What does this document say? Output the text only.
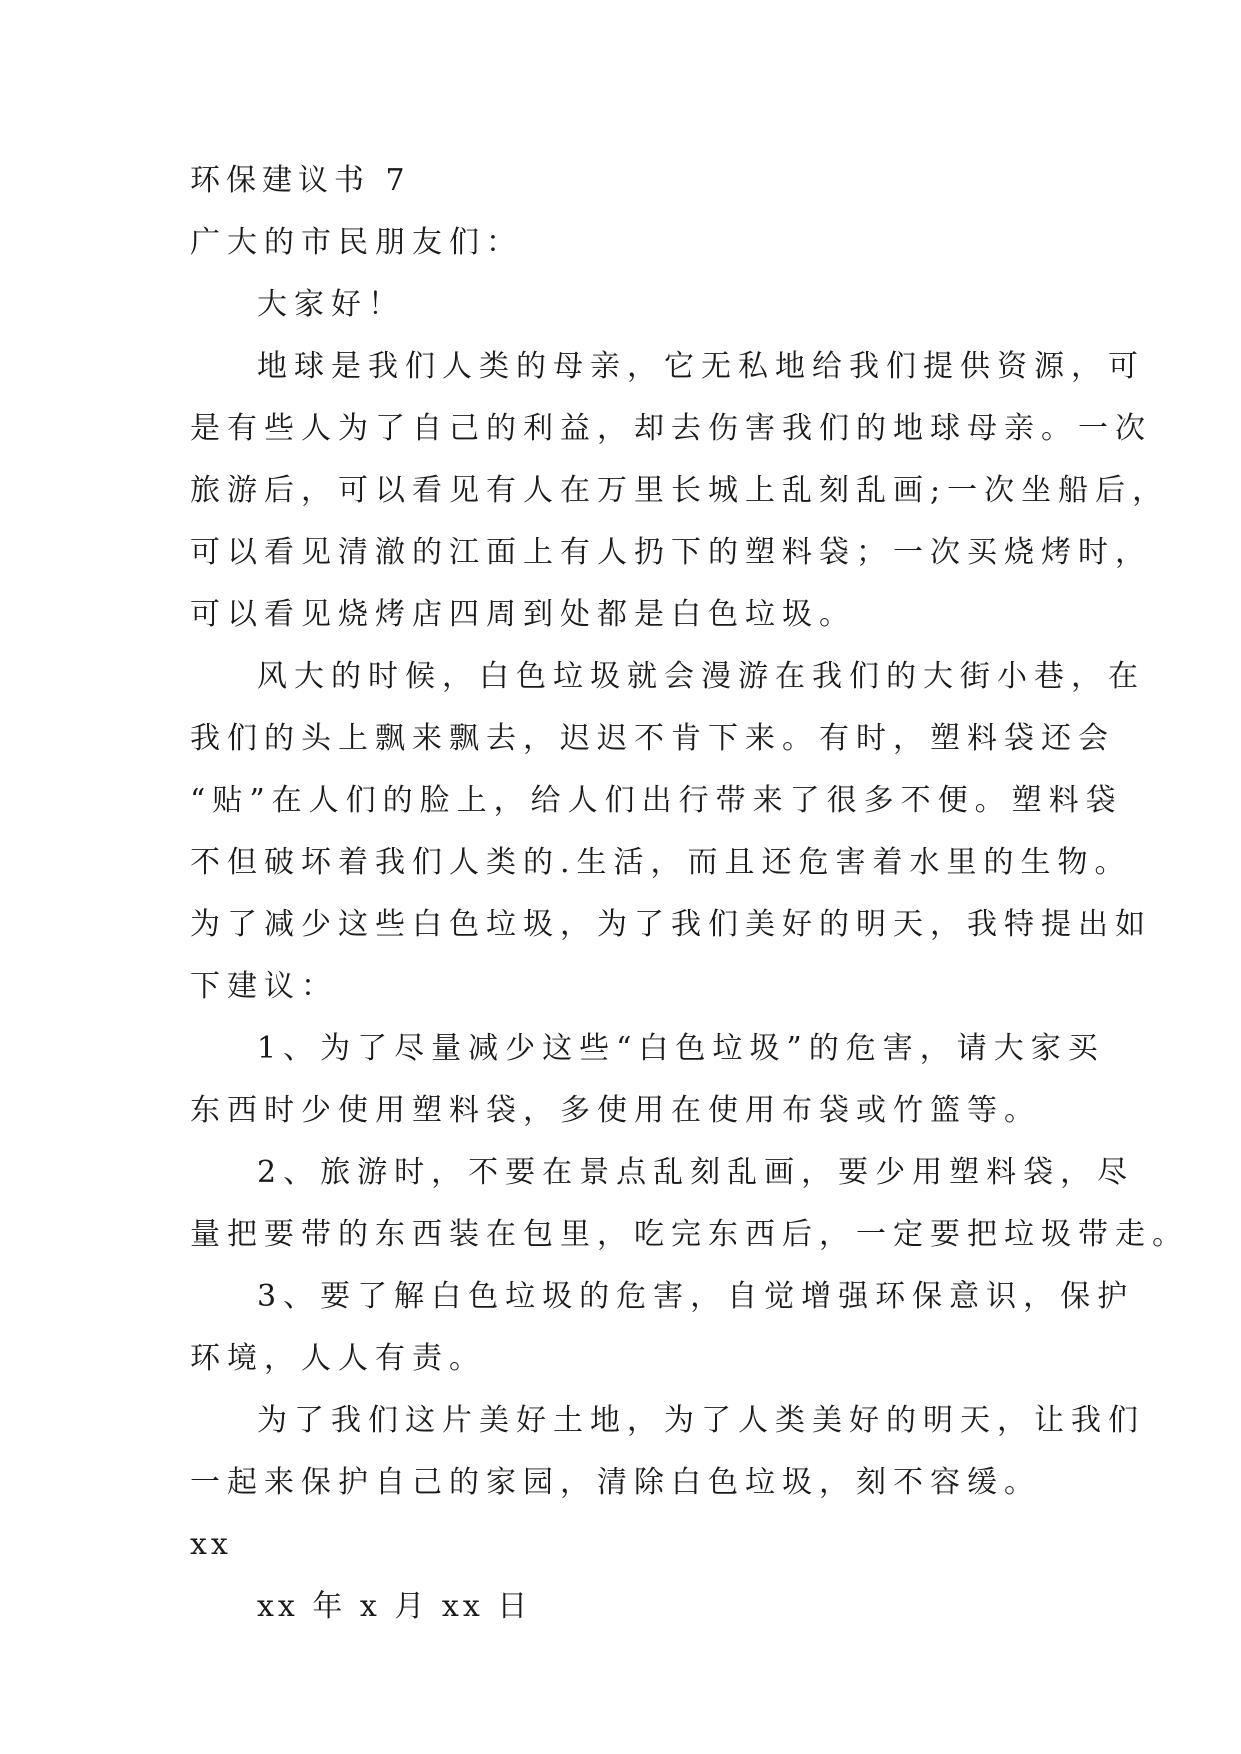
环保建议书 7
广大的市民朋友们：
大家好！
地球是我们人类的母亲，它无私地给我们提供资源，可
是有些人为了自己的利益，却去伤害我们的地球母亲。一次
旅游后，可以看见有人在万里长城上乱刻乱画;一次坐船后，
可以看见清澈的江面上有人扔下的塑料袋；一次买烧烤时，
可以看见烧烤店四周到处都是白色垃圾。
风大的时候，白色垃圾就会漫游在我们的大街小巷，在
我们的头上飘来飘去，迟迟不肯下来。有时，塑料袋还会
“贴”在人们的脸上，给人们出行带来了很多不便。塑料袋
不但破坏着我们人类的.生活，而且还危害着水里的生物。
为了减少这些白色垃圾，为了我们美好的明天，我特提出如
下建议：
1、为了尽量减少这些“白色垃圾”的危害，请大家买
东西时少使用塑料袋，多使用在使用布袋或竹篮等。
2、旅游时，不要在景点乱刻乱画，要少用塑料袋，尽
量把要带的东西装在包里，吃完东西后，一定要把垃圾带走。
3、要了解白色垃圾的危害，自觉增强环保意识，保护
环境，人人有责。
为了我们这片美好土地，为了人类美好的明天，让我们
一起来保护自己的家园，清除白色垃圾，刻不容缓。
xx
xx 年 x 月 xx 日
